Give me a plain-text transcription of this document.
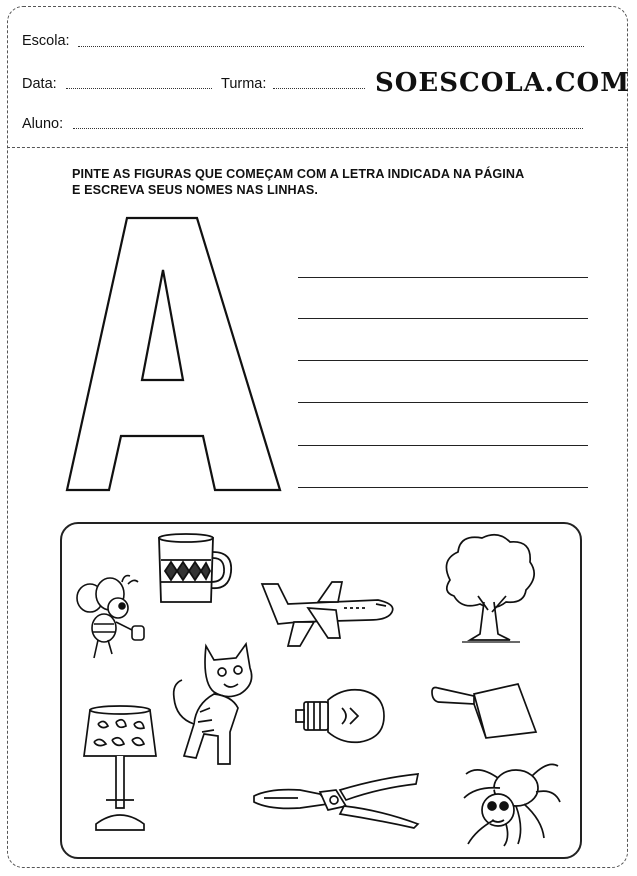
Escola:
Data:	Turma:	SOESCOLA.COM
Aluno:
PINTE AS FIGURAS QUE COMEÇAM COM A LETRA INDICADA NA PÁGINA
E ESCREVA SEUS NOMES NAS LINHAS.
